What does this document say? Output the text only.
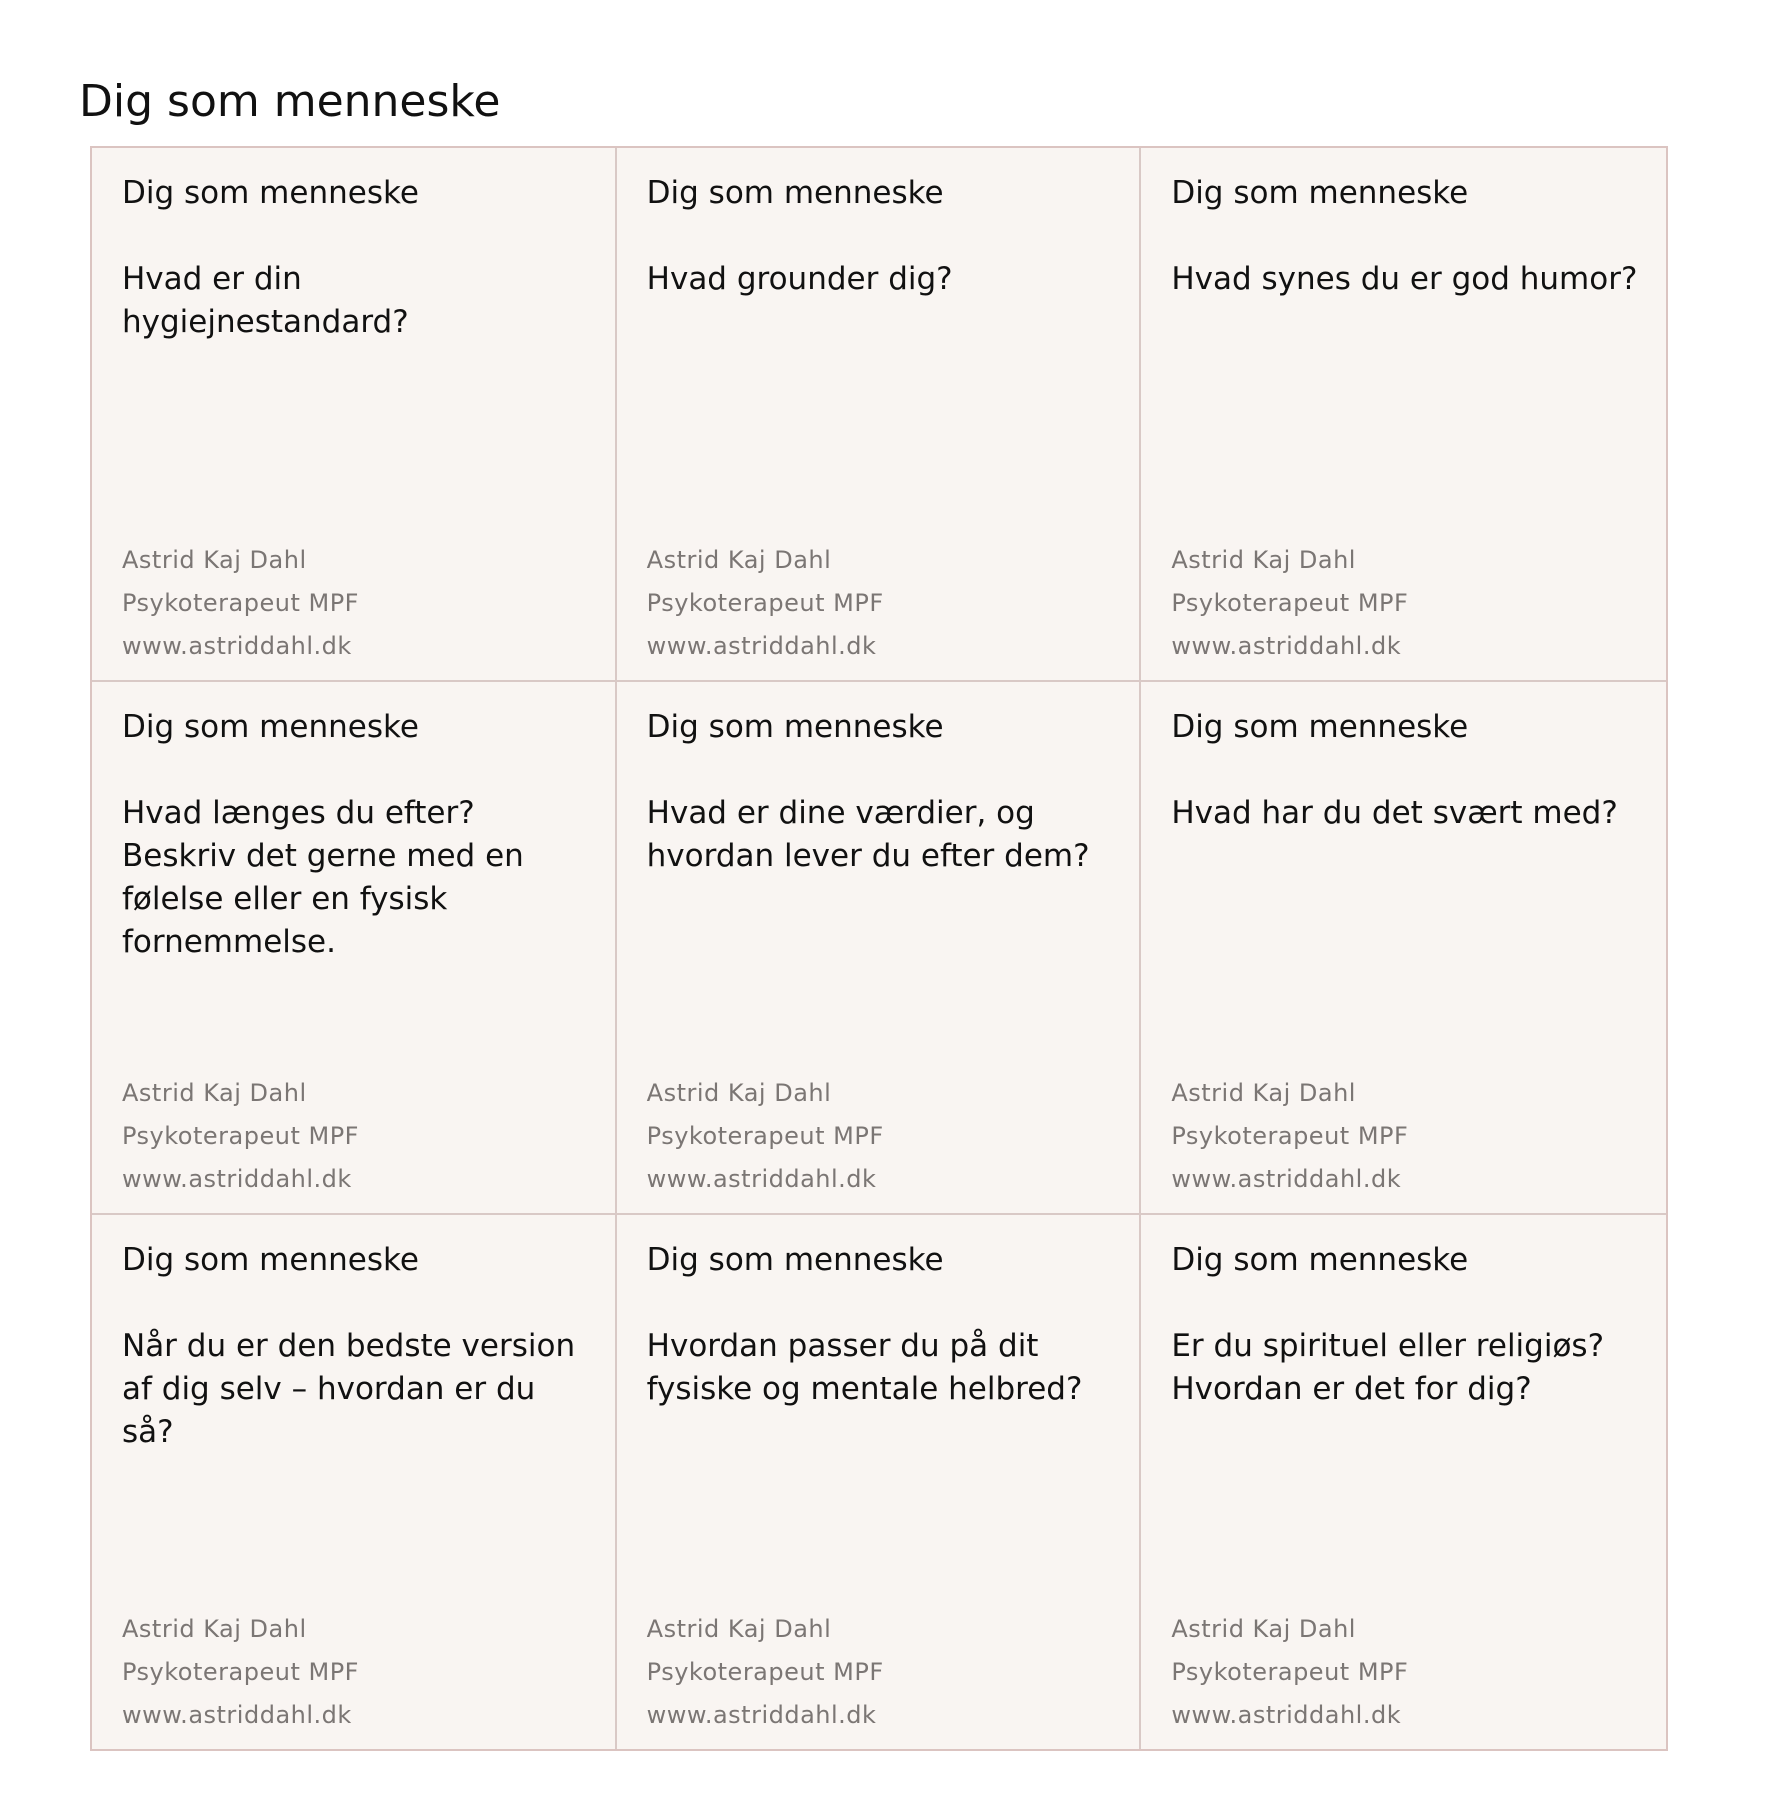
Dig som menneske
Dig som menneske
Hvad er din hygiejnestandard?
Astrid Kaj Dahl
Psykoterapeut MPF
www.astriddahl.dk
Dig som menneske
Hvad grounder dig?
Astrid Kaj Dahl
Psykoterapeut MPF
www.astriddahl.dk
Dig som menneske
Hvad synes du er god humor?
Astrid Kaj Dahl
Psykoterapeut MPF
www.astriddahl.dk
Dig som menneske
Hvad længes du efter? Beskriv det gerne med en følelse eller en fysisk fornemmelse.
Astrid Kaj Dahl
Psykoterapeut MPF
www.astriddahl.dk
Dig som menneske
Hvad er dine værdier, og hvordan lever du efter dem?
Astrid Kaj Dahl
Psykoterapeut MPF
www.astriddahl.dk
Dig som menneske
Hvad har du det svært med?
Astrid Kaj Dahl
Psykoterapeut MPF
www.astriddahl.dk
Dig som menneske
Når du er den bedste version af dig selv – hvordan er du så?
Astrid Kaj Dahl
Psykoterapeut MPF
www.astriddahl.dk
Dig som menneske
Hvordan passer du på dit fysiske og mentale helbred?
Astrid Kaj Dahl
Psykoterapeut MPF
www.astriddahl.dk
Dig som menneske
Er du spirituel eller religiøs? Hvordan er det for dig?
Astrid Kaj Dahl
Psykoterapeut MPF
www.astriddahl.dk
